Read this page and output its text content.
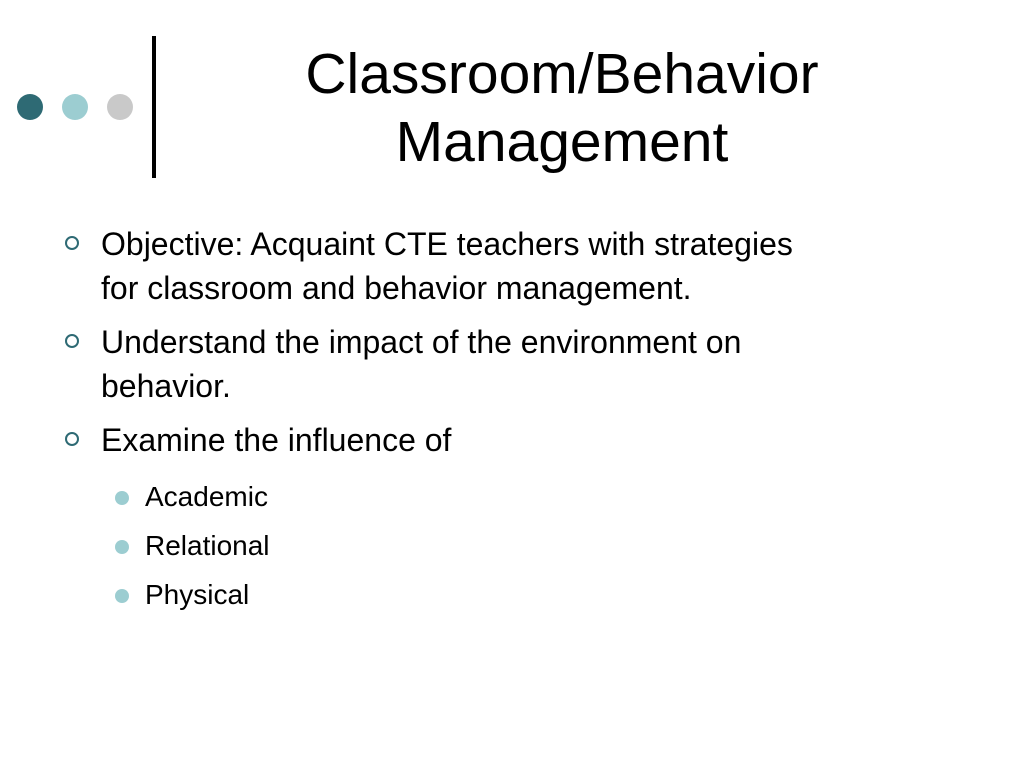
Classroom/Behavior
Management
Objective: Acquaint CTE teachers with strategies
for classroom and behavior management.
Understand the impact of the environment on
behavior.
Examine the influence of
Academic
Relational
Physical
